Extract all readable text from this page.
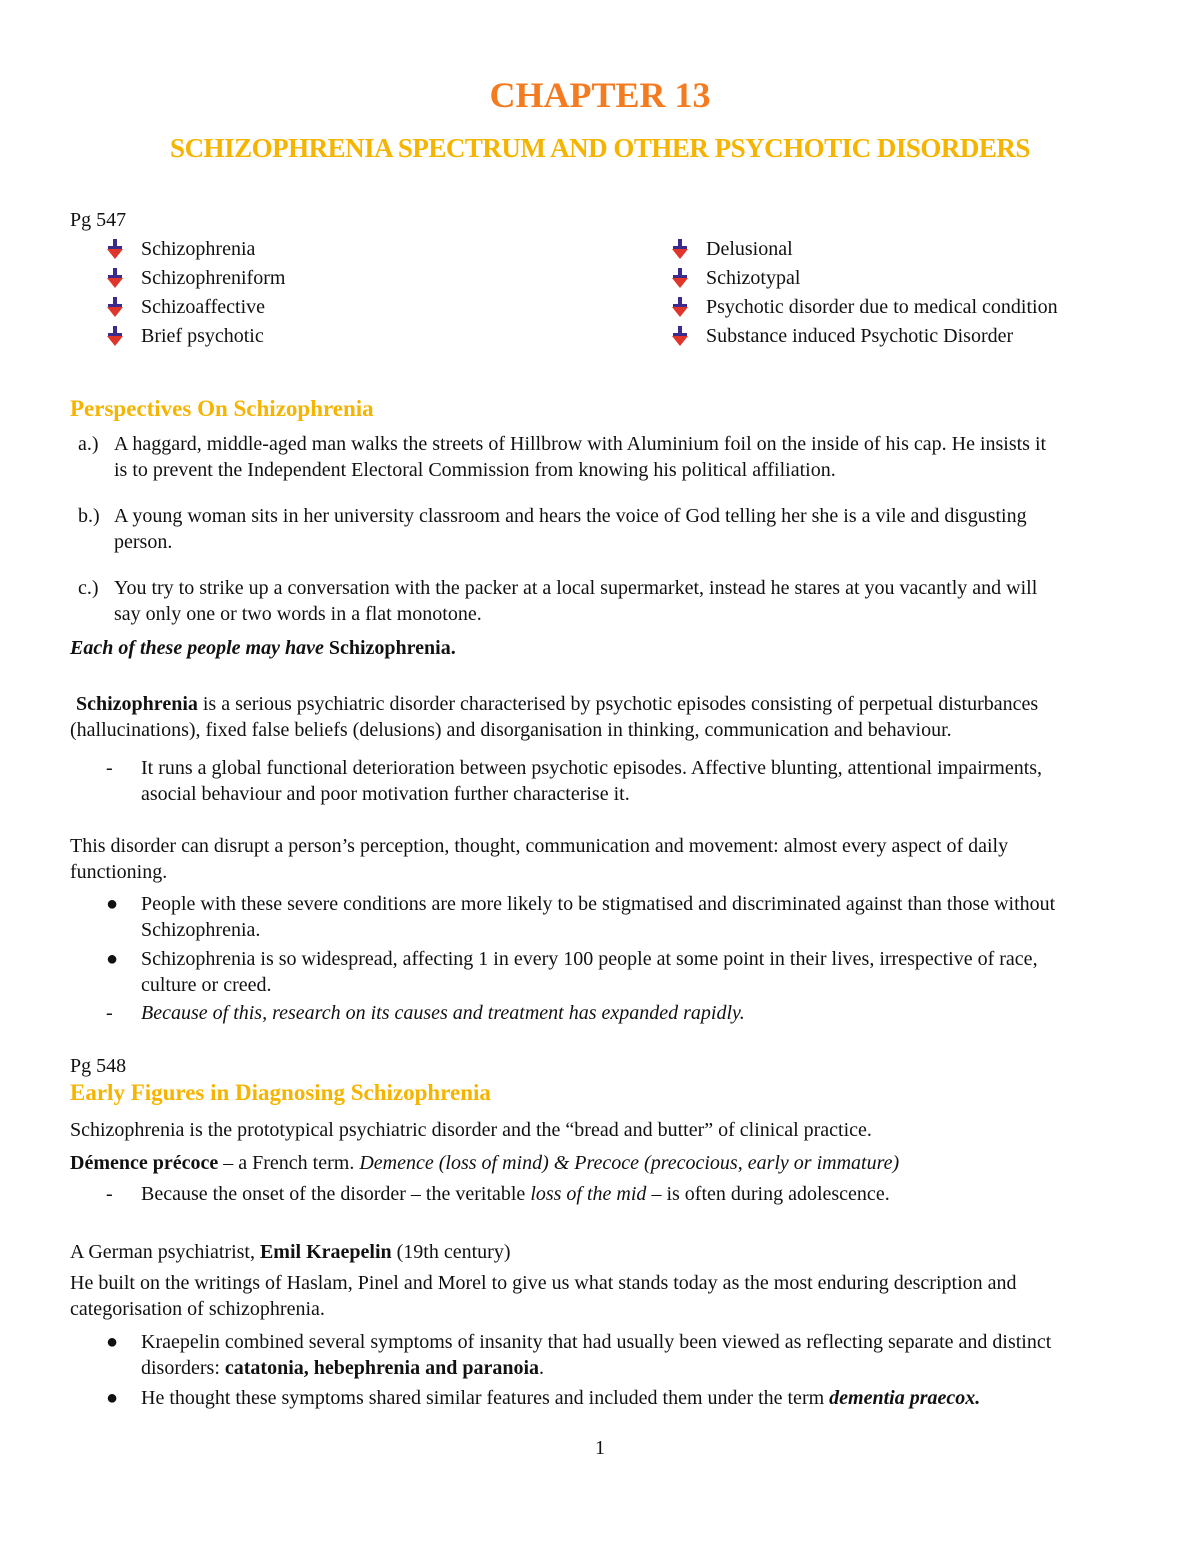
CHAPTER 13
SCHIZOPHRENIA SPECTRUM AND OTHER PSYCHOTIC DISORDERS
Pg 547
Schizophrenia
Schizophreniform
Schizoaffective
Brief psychotic
Delusional
Schizotypal
Psychotic disorder due to medical condition
Substance induced Psychotic Disorder
Perspectives On Schizophrenia
a.) A haggard, middle-aged man walks the streets of Hillbrow with Aluminium foil on the inside of his cap. He insists it
is to prevent the Independent Electoral Commission from knowing his political affiliation.
b.) A young woman sits in her university classroom and hears the voice of God telling her she is a vile and disgusting
person.
c.) You try to strike up a conversation with the packer at a local supermarket, instead he stares at you vacantly and will
say only one or two words in a flat monotone.
Each of these people may have Schizophrenia.
Schizophrenia is a serious psychiatric disorder characterised by psychotic episodes consisting of perpetual disturbances
(hallucinations), fixed false beliefs (delusions) and disorganisation in thinking, communication and behaviour.
- It runs a global functional deterioration between psychotic episodes. Affective blunting, attentional impairments,
asocial behaviour and poor motivation further characterise it.
This disorder can disrupt a person’s perception, thought, communication and movement: almost every aspect of daily
functioning.
● People with these severe conditions are more likely to be stigmatised and discriminated against than those without
Schizophrenia.
● Schizophrenia is so widespread, affecting 1 in every 100 people at some point in their lives, irrespective of race,
culture or creed.
- Because of this, research on its causes and treatment has expanded rapidly.
Pg 548
Early Figures in Diagnosing Schizophrenia
Schizophrenia is the prototypical psychiatric disorder and the “bread and butter” of clinical practice.
Démence précoce – a French term. Demence (loss of mind) & Precoce (precocious, early or immature)
- Because the onset of the disorder – the veritable loss of the mid – is often during adolescence.
A German psychiatrist, Emil Kraepelin (19th century)
He built on the writings of Haslam, Pinel and Morel to give us what stands today as the most enduring description and
categorisation of schizophrenia.
● Kraepelin combined several symptoms of insanity that had usually been viewed as reflecting separate and distinct
disorders: catatonia, hebephrenia and paranoia.
● He thought these symptoms shared similar features and included them under the term dementia praecox.
1
